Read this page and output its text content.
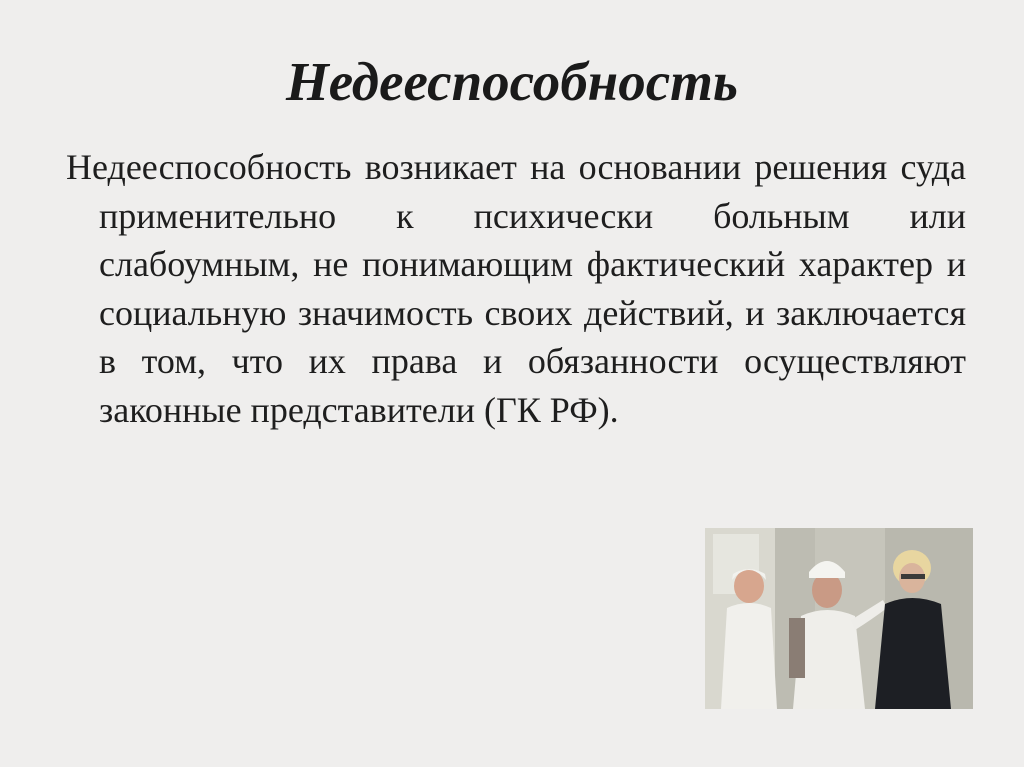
Недееспособность

Недееспособность возникает на основании решения суда применительно к психически больным или слабоумным, не понимающим фактический характер и социальную значимость своих действий, и заключается в том, что их права и обязанности осуществляют законные представители (ГК РФ).
